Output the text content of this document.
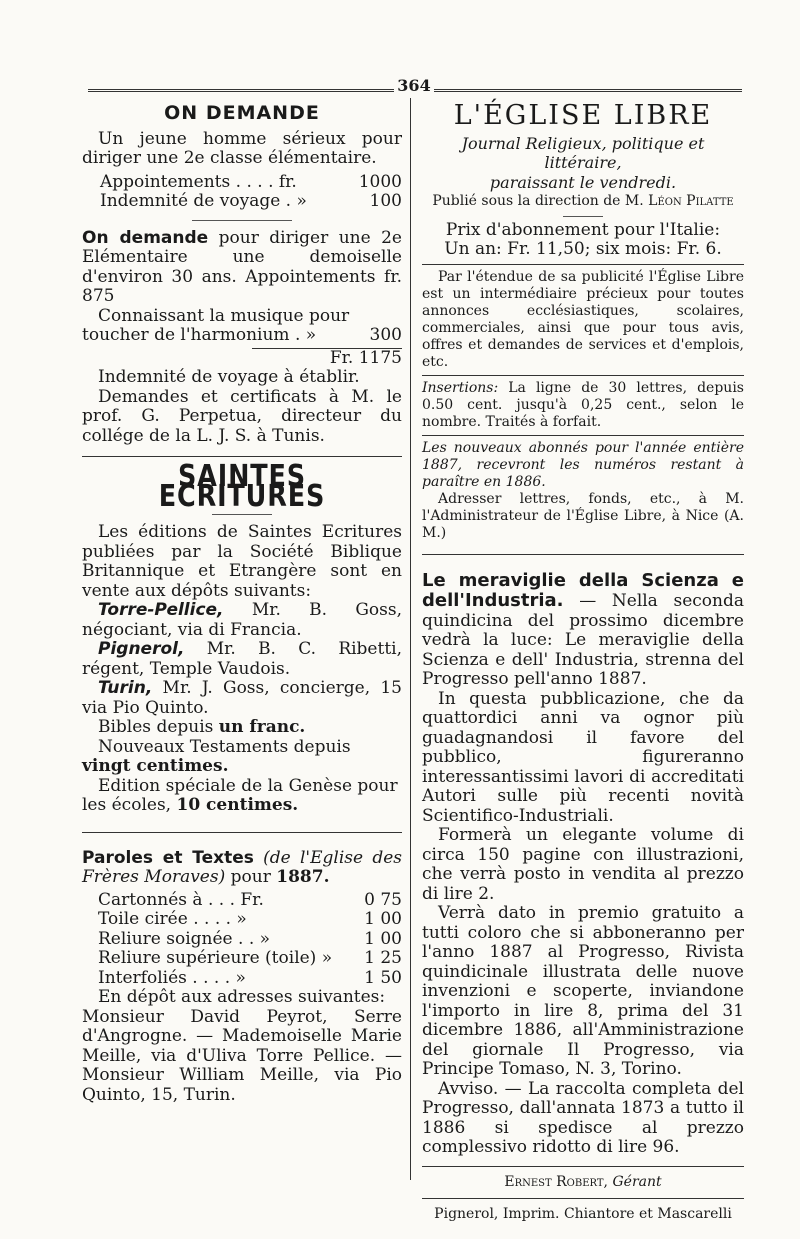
364
ON DEMANDE

Un jeune homme sérieux pour diriger une 2e classe élémentaire.

Appointements . . . . fr.	1000
Indemnité de voyage . »	100

On demande pour diriger une 2e Elémentaire une demoiselle d'environ 30 ans. Appointements fr. 875

Connaissant la musique pour

toucher de l'harmonium . »	300
Fr. 1175

Indemnité de voyage à établir.

Demandes et certificats à M. le prof. G. Perpetua, directeur du collége de la L. J. S. à Tunis.

SAINTES ECRITURES

Les éditions de Saintes Ecritures publiées par la Société Biblique Britannique et Etrangère sont en vente aux dépôts suivants:

Torre-Pellice, Mr. B. Goss, négociant, via di Francia.

Pignerol, Mr. B. C. Ribetti, régent, Temple Vaudois.

Turin, Mr. J. Goss, concierge, 15 via Pio Quinto.

Bibles depuis un franc.

Nouveaux Testaments depuis vingt centimes.

Edition spéciale de la Genèse pour les écoles, 10 centimes.

Paroles et Textes (de l'Eglise des Frères Moraves) pour 1887.

Cartonnés à . . . Fr.	0 75
Toile cirée . . . . »	1 00
Reliure soignée . . »	1 00
Reliure supérieure (toile) »	1 25
Interfoliés . . . . »	1 50

En dépôt aux adresses suivantes:

Monsieur David Peyrot, Serre d'Angrogne. — Mademoiselle Marie Meille, via d'Uliva Torre Pellice. — Monsieur William Meille, via Pio Quinto, 15, Turin.

L'ÉGLISE LIBRE

Journal Religieux, politique et littéraire,

paraissant le vendredi.

Publié sous la direction de M. Léon Pilatte

Prix d'abonnement pour l'Italie:

Un an: Fr. 11,50; six mois: Fr. 6.

Par l'étendue de sa publicité l'Église Libre est un intermédiaire précieux pour toutes annonces ecclésiastiques, scolaires, commerciales, ainsi que pour tous avis, offres et demandes de services et d'emplois, etc.

Insertions: La ligne de 30 lettres, depuis 0.50 cent. jusqu'à 0,25 cent., selon le nombre. Traités à forfait.

Les nouveaux abonnés pour l'année entière 1887, recevront les numéros restant à paraître en 1886.

Adresser lettres, fonds, etc., à M. l'Administrateur de l'Église Libre, à Nice (A. M.)

Le meraviglie della Scienza e dell'Industria. — Nella seconda quindicina del prossimo dicembre vedrà la luce: Le meraviglie della Scienza e dell' Industria, strenna del Progresso pell'anno 1887.

In questa pubblicazione, che da quattordici anni va ognor più guadagnandosi il favore del pubblico, figureranno interessantissimi lavori di accreditati Autori sulle più recenti novità Scientifico-Industriali.

Formerà un elegante volume di circa 150 pagine con illustrazioni, che verrà posto in vendita al prezzo di lire 2.

Verrà dato in premio gratuito a tutti coloro che si abboneranno per l'anno 1887 al Progresso, Rivista quindicinale illustrata delle nuove invenzioni e scoperte, inviandone l'importo in lire 8, prima del 31 dicembre 1886, all'Amministrazione del giornale Il Progresso, via Principe Tomaso, N. 3, Torino.

Avviso. — La raccolta completa del Progresso, dall'annata 1873 a tutto il 1886 si spedisce al prezzo complessivo ridotto di lire 96.

Ernest Robert, Gérant

Pignerol, Imprim. Chiantore et Mascarelli
